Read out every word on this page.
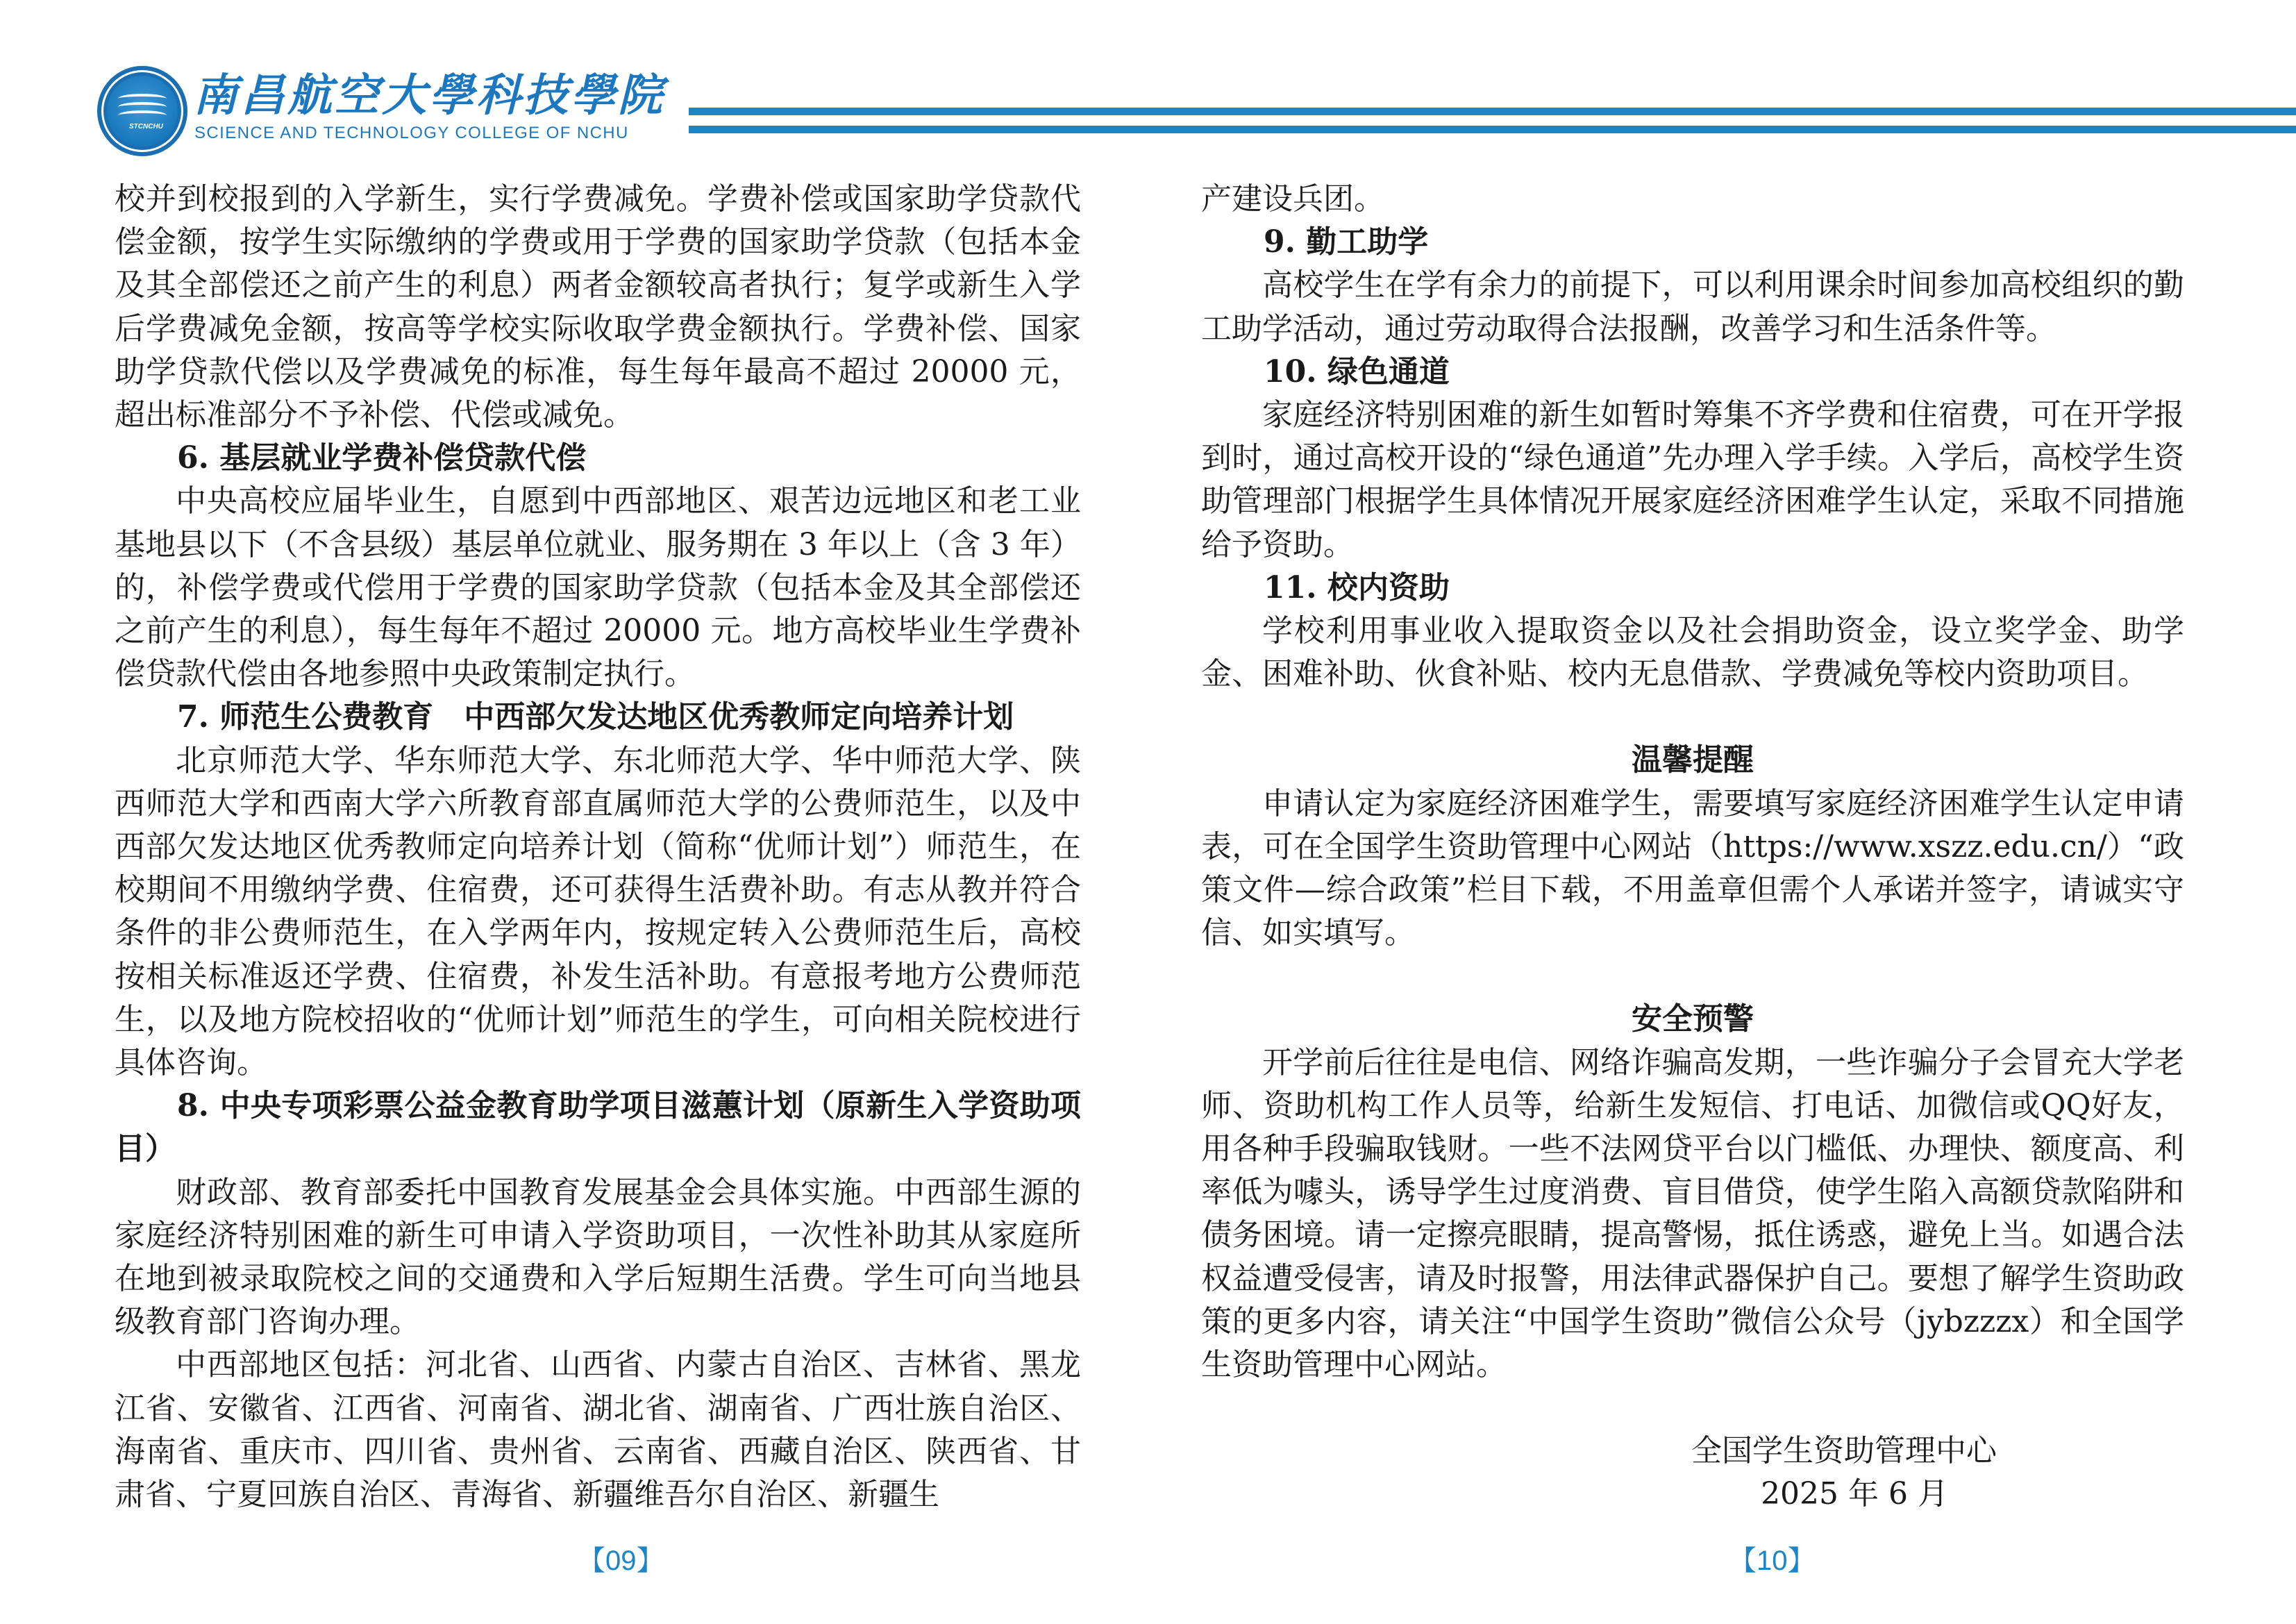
STCNCHU
南昌航空大學科技學院
SCIENCE AND TECHNOLOGY COLLEGE OF NCHU

校并到校报到的入学新生，实行学费减免。学费补偿或国家助学贷款代偿金额，按学生实际缴纳的学费或用于学费的国家助学贷款（包括本金及其全部偿还之前产生的利息）两者金额较高者执行；复学或新生入学后学费减免金额，按高等学校实际收取学费金额执行。学费补偿、国家助学贷款代偿以及学费减免的标准，每生每年最高不超过 20000 元，超出标准部分不予补偿、代偿或减免。

6. 基层就业学费补偿贷款代偿

中央高校应届毕业生，自愿到中西部地区、艰苦边远地区和老工业基地县以下（不含县级）基层单位就业、服务期在 3 年以上（含 3 年）的，补偿学费或代偿用于学费的国家助学贷款（包括本金及其全部偿还之前产生的利息），每生每年不超过 20000 元。地方高校毕业生学费补偿贷款代偿由各地参照中央政策制定执行。

7. 师范生公费教育　中西部欠发达地区优秀教师定向培养计划

北京师范大学、华东师范大学、东北师范大学、华中师范大学、陕西师范大学和西南大学六所教育部直属师范大学的公费师范生，以及中西部欠发达地区优秀教师定向培养计划（简称“优师计划”）师范生，在校期间不用缴纳学费、住宿费，还可获得生活费补助。有志从教并符合条件的非公费师范生，在入学两年内，按规定转入公费师范生后，高校按相关标准返还学费、住宿费，补发生活补助。有意报考地方公费师范生，以及地方院校招收的“优师计划”师范生的学生，可向相关院校进行具体咨询。

8. 中央专项彩票公益金教育助学项目滋蕙计划（原新生入学资助项目）

财政部、教育部委托中国教育发展基金会具体实施。中西部生源的家庭经济特别困难的新生可申请入学资助项目，一次性补助其从家庭所在地到被录取院校之间的交通费和入学后短期生活费。学生可向当地县级教育部门咨询办理。

中西部地区包括：河北省、山西省、内蒙古自治区、吉林省、黑龙江省、安徽省、江西省、河南省、湖北省、湖南省、广西壮族自治区、海南省、重庆市、四川省、贵州省、云南省、西藏自治区、陕西省、甘肃省、宁夏回族自治区、青海省、新疆维吾尔自治区、新疆生

【09】

产建设兵团。

9. 勤工助学

高校学生在学有余力的前提下，可以利用课余时间参加高校组织的勤工助学活动，通过劳动取得合法报酬，改善学习和生活条件等。

10. 绿色通道

家庭经济特别困难的新生如暂时筹集不齐学费和住宿费，可在开学报到时，通过高校开设的“绿色通道”先办理入学手续。入学后，高校学生资助管理部门根据学生具体情况开展家庭经济困难学生认定，采取不同措施给予资助。

11. 校内资助

学校利用事业收入提取资金以及社会捐助资金，设立奖学金、助学金、困难补助、伙食补贴、校内无息借款、学费减免等校内资助项目。

温馨提醒

申请认定为家庭经济困难学生，需要填写家庭经济困难学生认定申请表，可在全国学生资助管理中心网站（https://www.xszz.edu.cn/）“政策文件—综合政策”栏目下载，不用盖章但需个人承诺并签字，请诚实守信、如实填写。

安全预警

开学前后往往是电信、网络诈骗高发期，一些诈骗分子会冒充大学老师、资助机构工作人员等，给新生发短信、打电话、加微信或QQ好友，用各种手段骗取钱财。一些不法网贷平台以门槛低、办理快、额度高、利率低为噱头，诱导学生过度消费、盲目借贷，使学生陷入高额贷款陷阱和债务困境。请一定擦亮眼睛，提高警惕，抵住诱惑，避免上当。如遇合法权益遭受侵害，请及时报警，用法律武器保护自己。要想了解学生资助政策的更多内容，请关注“中国学生资助”微信公众号（jybzzzx）和全国学生资助管理中心网站。

全国学生资助管理中心

2025 年 6 月

【10】
